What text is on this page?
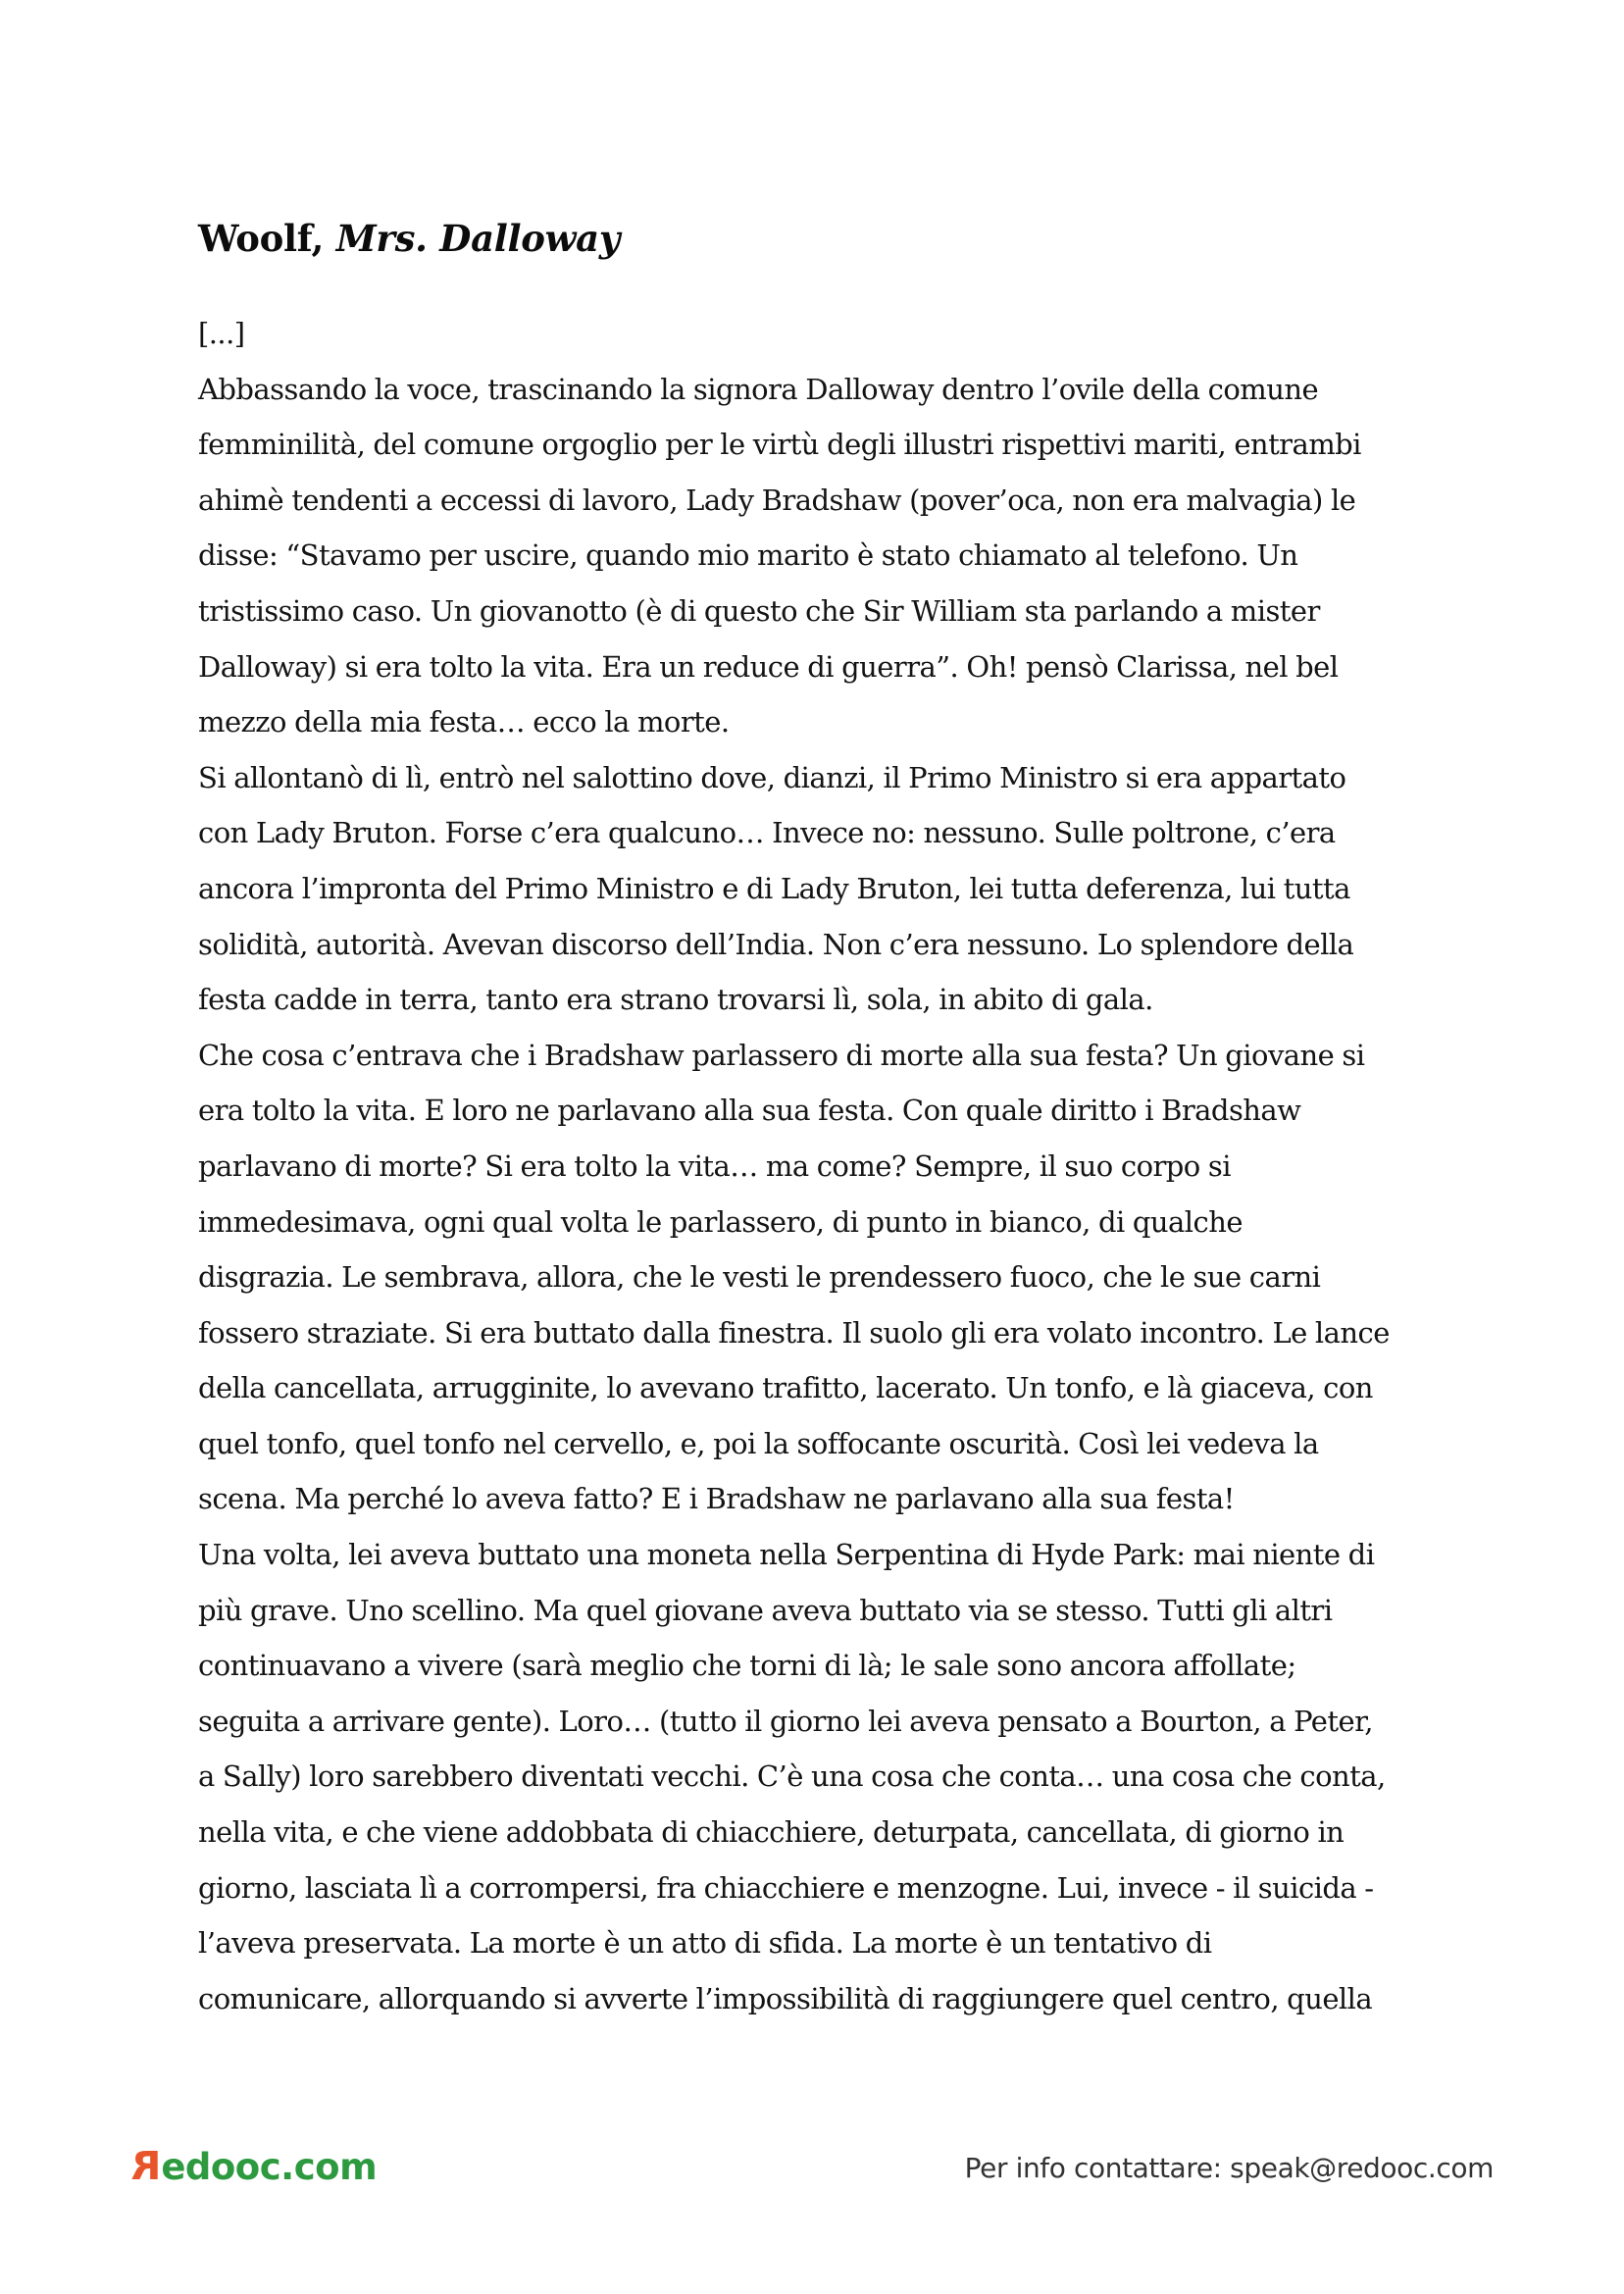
Woolf, Mrs. Dalloway
[...]
Abbassando la voce, trascinando la signora Dalloway dentro l’ovile della comune
femminilità, del comune orgoglio per le virtù degli illustri rispettivi mariti, entrambi
ahimè tendenti a eccessi di lavoro, Lady Bradshaw (pover’oca, non era malvagia) le
disse: “Stavamo per uscire, quando mio marito è stato chiamato al telefono. Un
tristissimo caso. Un giovanotto (è di questo che Sir William sta parlando a mister
Dalloway) si era tolto la vita. Era un reduce di guerra”. Oh! pensò Clarissa, nel bel
mezzo della mia festa… ecco la morte.
Si allontanò di lì, entrò nel salottino dove, dianzi, il Primo Ministro si era appartato
con Lady Bruton. Forse c’era qualcuno… Invece no: nessuno. Sulle poltrone, c’era
ancora l’impronta del Primo Ministro e di Lady Bruton, lei tutta deferenza, lui tutta
solidità, autorità. Avevan discorso dell’India. Non c’era nessuno. Lo splendore della
festa cadde in terra, tanto era strano trovarsi lì, sola, in abito di gala.
Che cosa c’entrava che i Bradshaw parlassero di morte alla sua festa? Un giovane si
era tolto la vita. E loro ne parlavano alla sua festa. Con quale diritto i Bradshaw
parlavano di morte? Si era tolto la vita… ma come? Sempre, il suo corpo si
immedesimava, ogni qual volta le parlassero, di punto in bianco, di qualche
disgrazia. Le sembrava, allora, che le vesti le prendessero fuoco, che le sue carni
fossero straziate. Si era buttato dalla finestra. Il suolo gli era volato incontro. Le lance
della cancellata, arrugginite, lo avevano trafitto, lacerato. Un tonfo, e là giaceva, con
quel tonfo, quel tonfo nel cervello, e, poi la soffocante oscurità. Così lei vedeva la
scena. Ma perché lo aveva fatto? E i Bradshaw ne parlavano alla sua festa!
Una volta, lei aveva buttato una moneta nella Serpentina di Hyde Park: mai niente di
più grave. Uno scellino. Ma quel giovane aveva buttato via se stesso. Tutti gli altri
continuavano a vivere (sarà meglio che torni di là; le sale sono ancora affollate;
seguita a arrivare gente). Loro… (tutto il giorno lei aveva pensato a Bourton, a Peter,
a Sally) loro sarebbero diventati vecchi. C’è una cosa che conta… una cosa che conta,
nella vita, e che viene addobbata di chiacchiere, deturpata, cancellata, di giorno in
giorno, lasciata lì a corrompersi, fra chiacchiere e menzogne. Lui, invece - il suicida -
l’aveva preservata. La morte è un atto di sfida. La morte è un tentativo di
comunicare, allorquando si avverte l’impossibilità di raggiungere quel centro, quella
Redooc.com	Per info contattare: speak@redooc.com
